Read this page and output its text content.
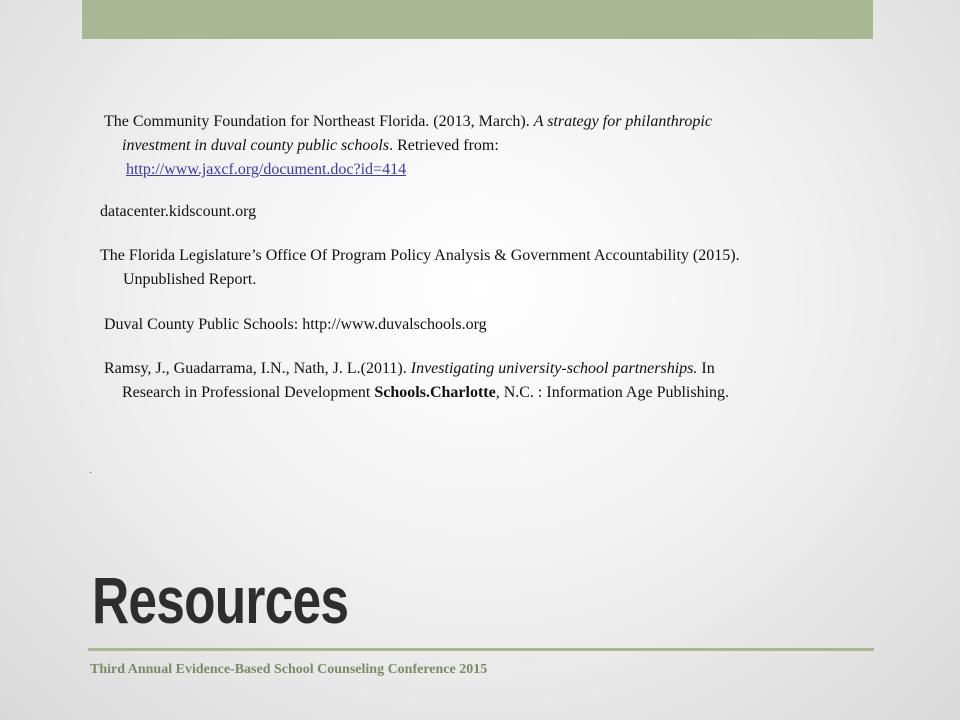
The Community Foundation for Northeast Florida. (2013, March). A strategy for philanthropic
investment in duval county public schools. Retrieved from:
http://www.jaxcf.org/document.doc?id=414
datacenter.kidscount.org
The Florida Legislature’s Office Of Program Policy Analysis & Government Accountability (2015).
Unpublished Report.
Duval County Public Schools: http://www.duvalschools.org
Ramsy, J., Guadarrama, I.N., Nath, J. L.(2011). Investigating university-school partnerships. In
Research in Professional Development Schools.Charlotte, N.C. : Information Age Publishing.
.
Resources
Third Annual Evidence-Based School Counseling Conference 2015
